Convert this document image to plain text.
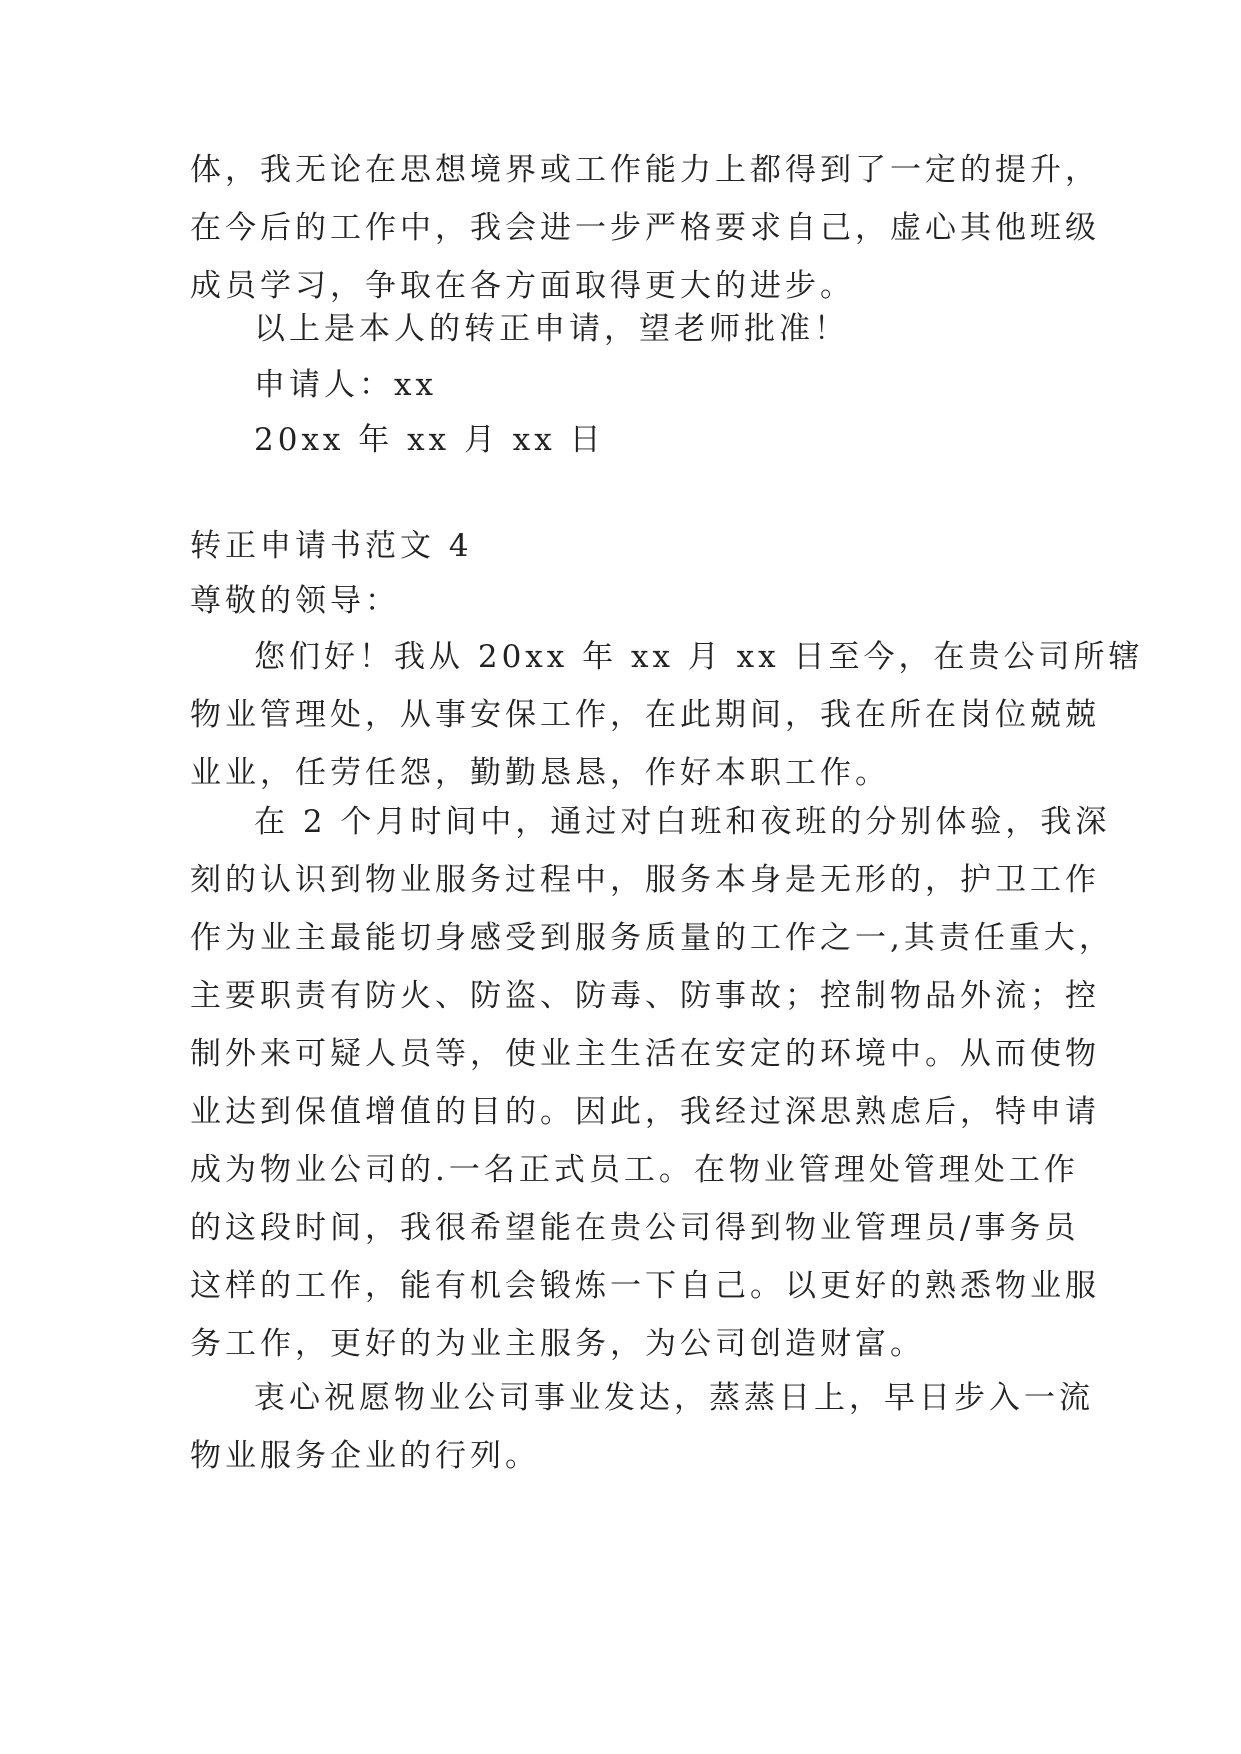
体，我无论在思想境界或工作能力上都得到了一定的提升，
在今后的工作中，我会进一步严格要求自己，虚心其他班级
成员学习，争取在各方面取得更大的进步。
以上是本人的转正申请，望老师批准！
申请人：xx
20xx 年 xx 月 xx 日
转正申请书范文 4
尊敬的领导：
您们好！我从 20xx 年 xx 月 xx 日至今，在贵公司所辖
物业管理处，从事安保工作，在此期间，我在所在岗位兢兢
业业，任劳任怨，勤勤恳恳，作好本职工作。
在 2 个月时间中，通过对白班和夜班的分别体验，我深
刻的认识到物业服务过程中，服务本身是无形的，护卫工作
作为业主最能切身感受到服务质量的工作之一,其责任重大，
主要职责有防火、防盗、防毒、防事故；控制物品外流；控
制外来可疑人员等，使业主生活在安定的环境中。从而使物
业达到保值增值的目的。因此，我经过深思熟虑后，特申请
成为物业公司的.一名正式员工。在物业管理处管理处工作
的这段时间，我很希望能在贵公司得到物业管理员/事务员
这样的工作，能有机会锻炼一下自己。以更好的熟悉物业服
务工作，更好的为业主服务，为公司创造财富。
衷心祝愿物业公司事业发达，蒸蒸日上，早日步入一流
物业服务企业的行列。
